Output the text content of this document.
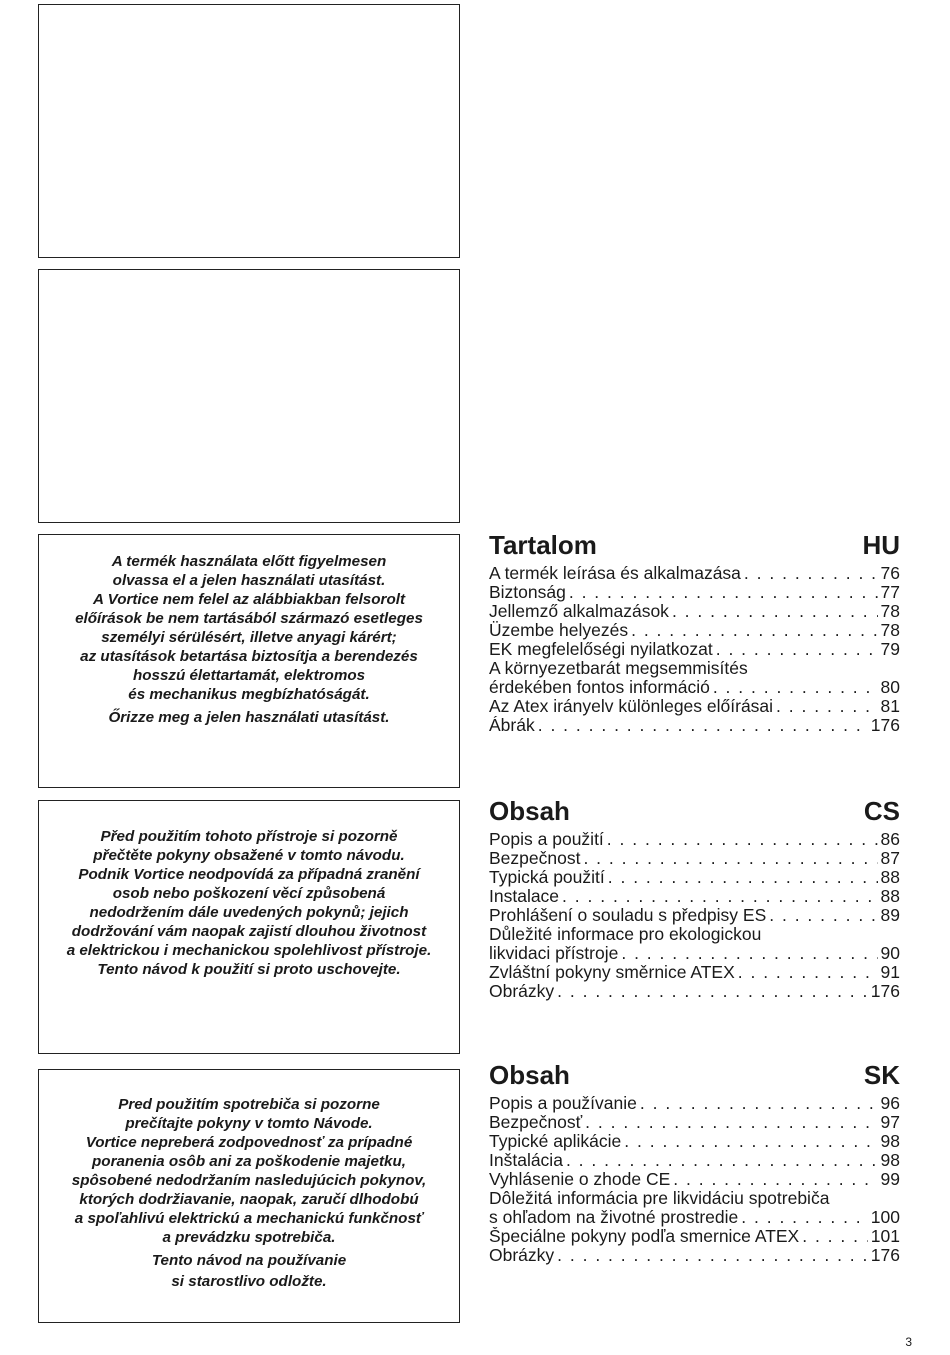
A termék használata előtt figyelmesen
olvassa el a jelen használati utasítást.
A Vortice nem felel az alábbiakban felsorolt
előírások be nem tartásából származó esetleges
személyi sérülésért, illetve anyagi kárért;
az utasítások betartása biztosítja a berendezés
hosszú élettartamát, elektromos
és mechanikus megbízhatóságát.
Őrizze meg a jelen használati utasítást.
Před použitím tohoto přístroje si pozorně
přečtěte pokyny obsažené v tomto návodu.
Podnik Vortice neodpovídá za případná zranění
osob nebo poškození věcí způsobená
nedodržením dále uvedených pokynů; jejich
dodržování vám naopak zajistí dlouhou životnost
a elektrickou i mechanickou spolehlivost přístroje.
Tento návod k použití si proto uschovejte.
Pred použitím spotrebiča si pozorne
prečítajte pokyny v tomto Návode.
Vortice nepreberá zodpovednosť za prípadné
poranenia osôb ani za poškodenie majetku,
spôsobené nedodržaním nasledujúcich pokynov,
ktorých dodržiavanie, naopak, zaručí dlhodobú
a spoľahlivú elektrickú a mechanickú funkčnosť
a prevádzku spotrebiča.
Tento návod na používanie
si starostlivo odložte.
Tartalom	HU
A termék leírása és alkalmazása . . .	76
Biztonság . . .	77
Jellemző alkalmazások . . .	78
Üzembe helyezés . . .	78
EK megfelelőségi nyilatkozat . . .	79
A környezetbarát megsemmisítés
érdekében fontos információ . . .	80
Az Atex irányelv különleges előírásai . . .	81
Ábrák . . .	176
Obsah	CS
Popis a použití . . .	86
Bezpečnost . . .	87
Typická použití . . .	88
Instalace . . .	88
Prohlášení o souladu s předpisy ES . . .	89
Důležité informace pro ekologickou
likvidaci přístroje . . .	90
Zvláštní pokyny směrnice ATEX . . .	91
Obrázky . . .	176
Obsah	SK
Popis a používanie . . .	96
Bezpečnosť . . .	97
Typické aplikácie . . .	98
Inštalácia . . .	98
Vyhlásenie o zhode CE . . .	99
Dôležitá informácia pre likvidáciu spotrebiča
s ohľadom na životné prostredie . . .	100
Špeciálne pokyny podľa smernice ATEX . . .	101
Obrázky . . .	176
3
